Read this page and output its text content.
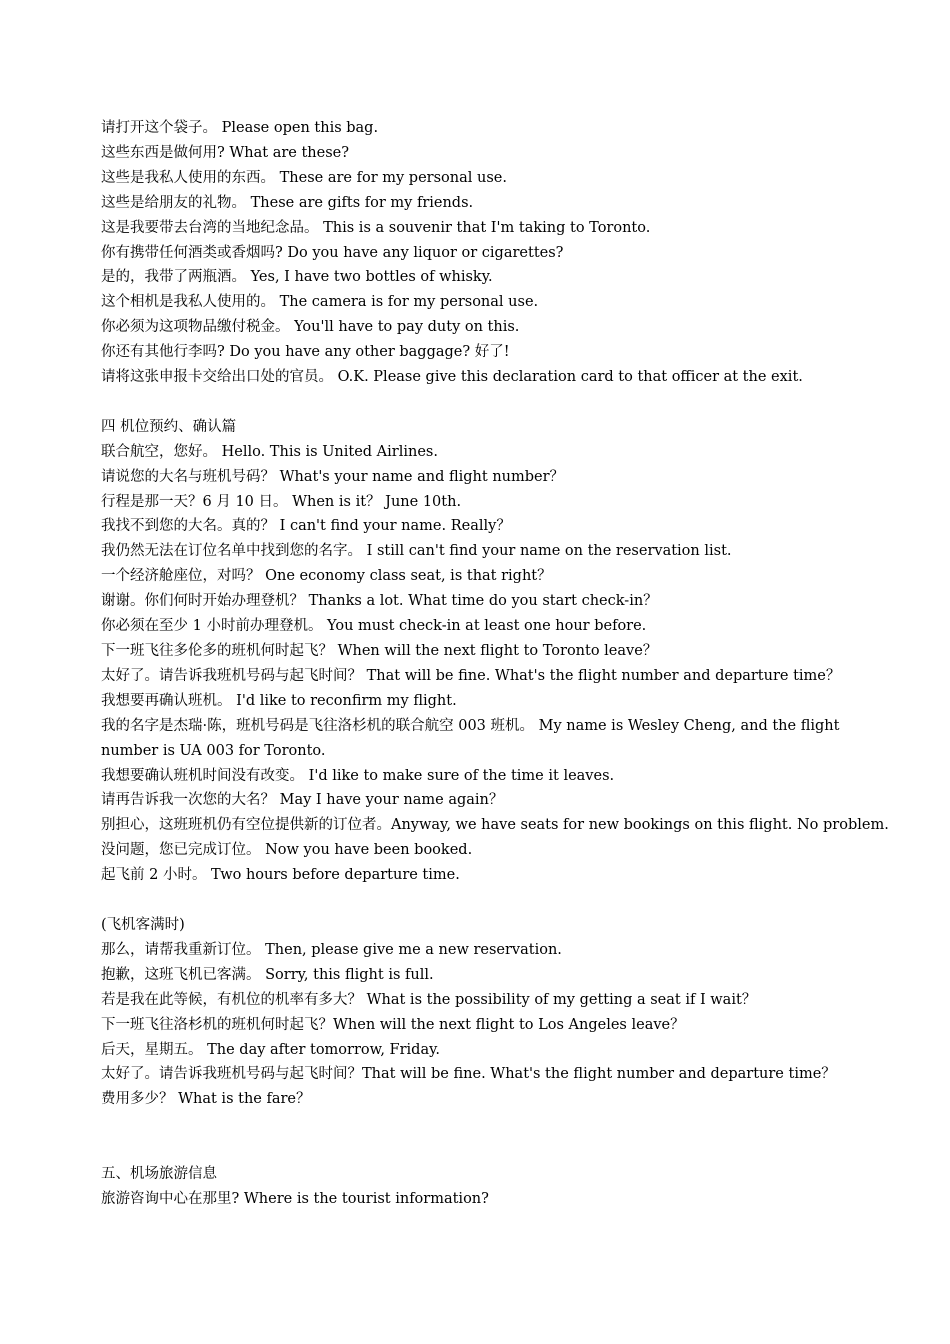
请打开这个袋子。 Please open this bag.
这些东西是做何用? What are these?
这些是我私人使用的东西。 These are for my personal use.
这些是给朋友的礼物。 These are gifts for my friends.
这是我要带去台湾的当地纪念品。 This is a souvenir that I'm taking to Toronto.
你有携带任何酒类或香烟吗? Do you have any liquor or cigarettes?
是的，我带了两瓶酒。 Yes, I have two bottles of whisky.
这个相机是我私人使用的。 The camera is for my personal use.
你必须为这项物品缴付税金。 You'll have to pay duty on this.
你还有其他行李吗? Do you have any other baggage? 好了!
请将这张申报卡交给出口处的官员。 O.K. Please give this declaration card to that officer at the exit.
四 机位预约、确认篇
联合航空，您好。 Hello. This is United Airlines.
请说您的大名与班机号码？ What's your name and flight number？
行程是那一天？6 月 10 日。 When is it？ June 10th.
我找不到您的大名。真的？ I can't find your name. Really？
我仍然无法在订位名单中找到您的名字。 I still can't find your name on the reservation list.
一个经济舱座位，对吗？ One economy class seat, is that right？
谢谢。你们何时开始办理登机？ Thanks a lot. What time do you start check-in？
你必须在至少 1 小时前办理登机。 You must check-in at least one hour before.
下一班飞往多伦多的班机何时起飞？ When will the next flight to Toronto leave？
太好了。请告诉我班机号码与起飞时间？ That will be fine. What's the flight number and departure time？
我想要再确认班机。 I'd like to reconfirm my flight.
我的名字是杰瑞·陈，班机号码是飞往洛杉机的联合航空 003 班机。 My name is Wesley Cheng, and the flight number is UA 003 for Toronto.
我想要确认班机时间没有改变。 I'd like to make sure of the time it leaves.
请再告诉我一次您的大名？ May I have your name again？
别担心，这班班机仍有空位提供新的订位者。Anyway, we have seats for new bookings on this flight. No problem.
没问题，您已完成订位。 Now you have been booked.
起飞前 2 小时。 Two hours before departure time.
(飞机客满时)
那么，请帮我重新订位。 Then, please give me a new reservation.
抱歉，这班飞机已客满。 Sorry, this flight is full.
若是我在此等候，有机位的机率有多大？ What is the possibility of my getting a seat if I wait？
下一班飞往洛杉机的班机何时起飞？When will the next flight to Los Angeles leave？
后天，星期五。 The day after tomorrow, Friday.
太好了。请告诉我班机号码与起飞时间？That will be fine. What's the flight number and departure time？
费用多少？ What is the fare？
五、机场旅游信息
旅游咨询中心在那里? Where is the tourist information?
